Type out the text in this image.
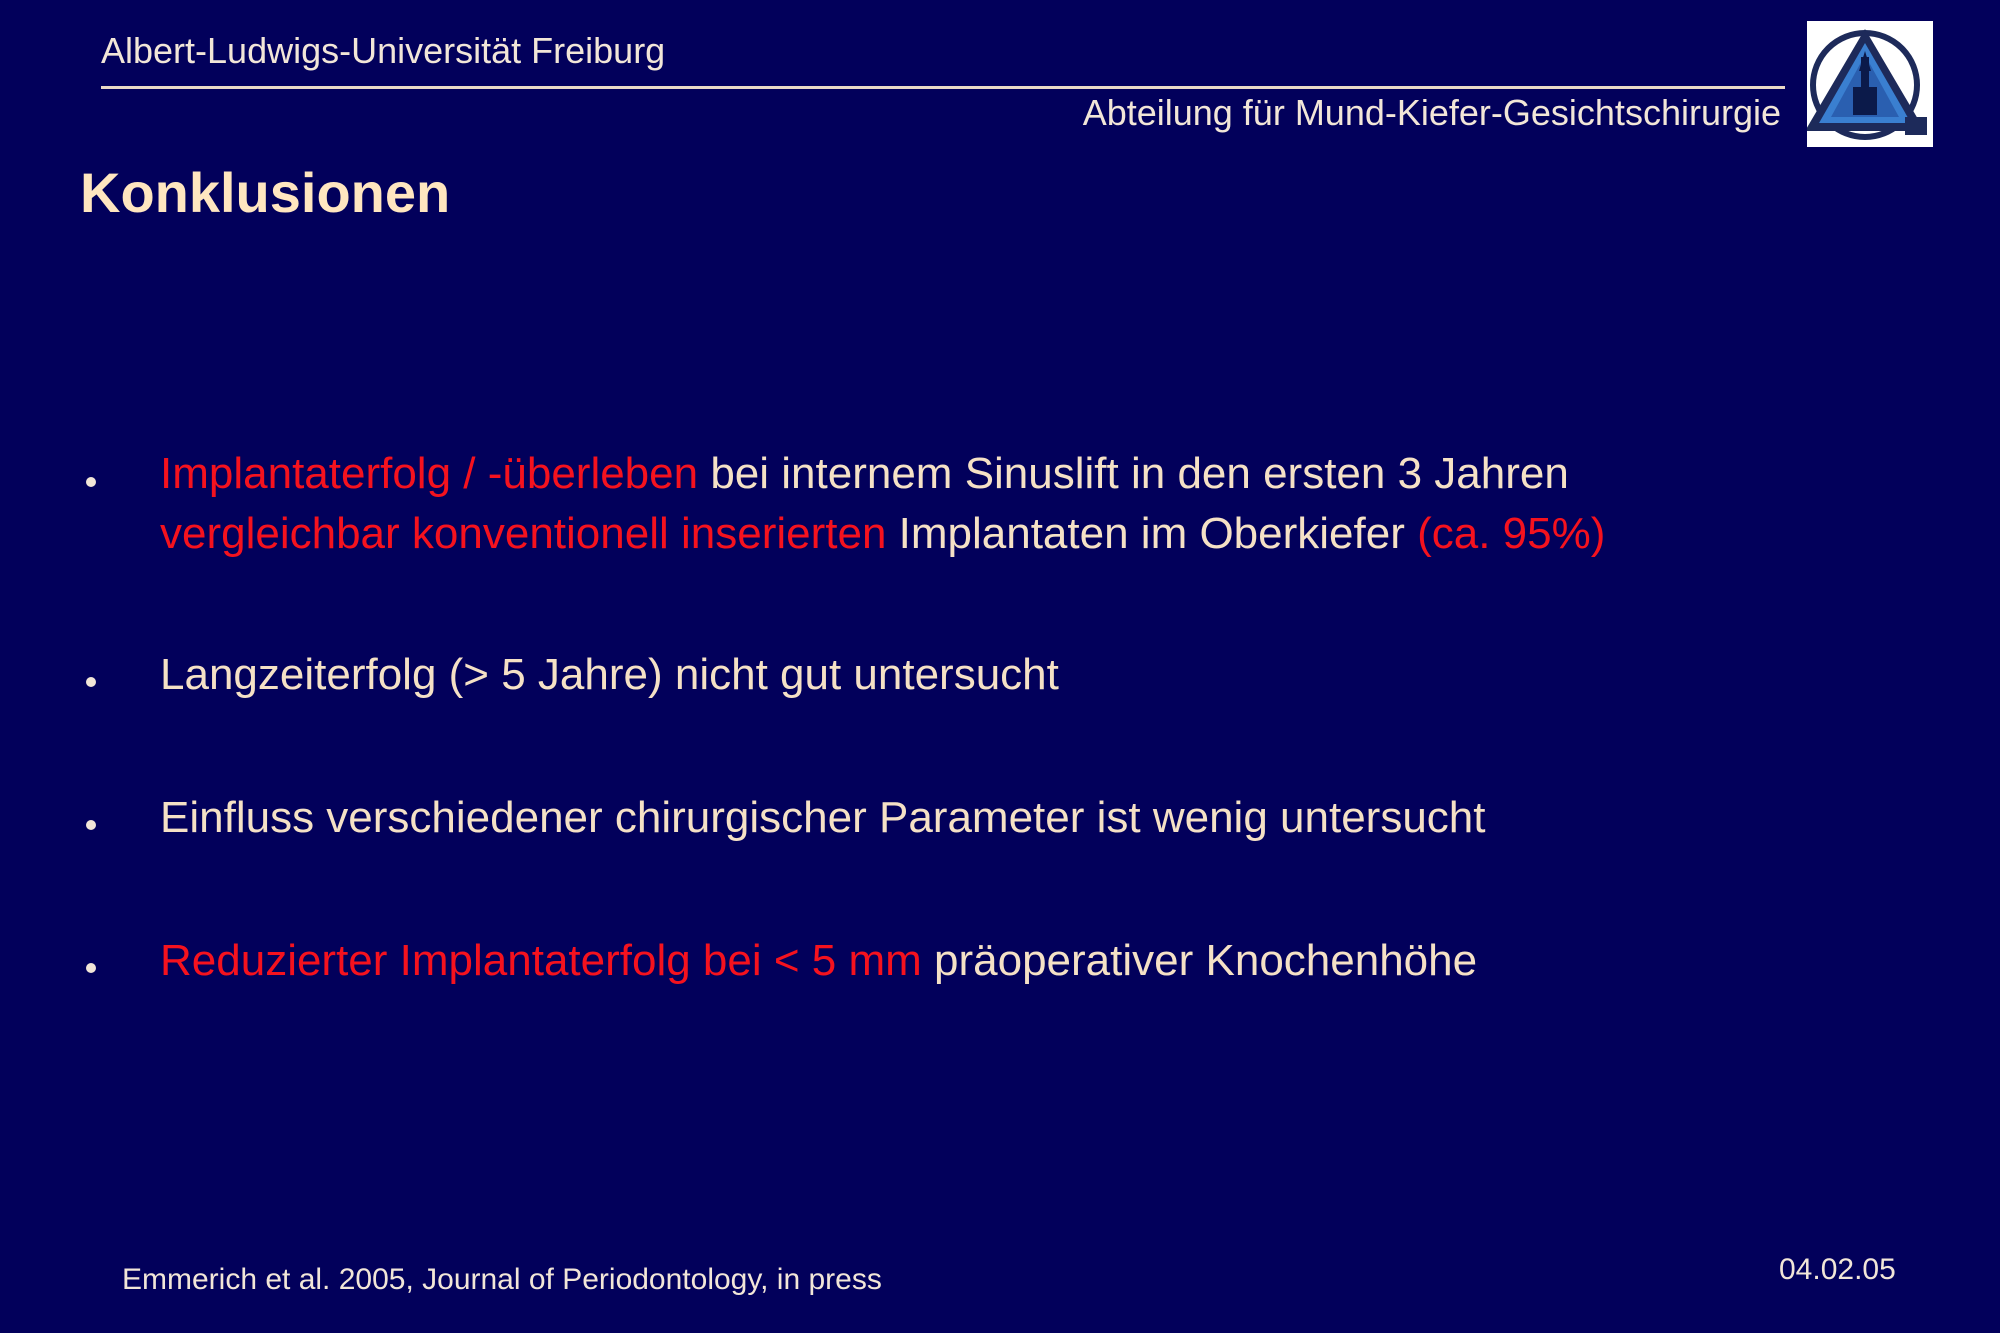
Albert-Ludwigs-Universität Freiburg
Abteilung für Mund-Kiefer-Gesichtschirurgie
Konklusionen
Implantaterfolg / -überleben bei internem Sinuslift in den ersten 3 Jahren
vergleichbar konventionell inserierten Implantaten im Oberkiefer (ca. 95%)
Langzeiterfolg (> 5 Jahre) nicht gut untersucht
Einfluss verschiedener chirurgischer Parameter ist wenig untersucht
Reduzierter Implantaterfolg bei < 5 mm präoperativer Knochenhöhe
Emmerich et al. 2005, Journal of Periodontology, in press	04.02.05
